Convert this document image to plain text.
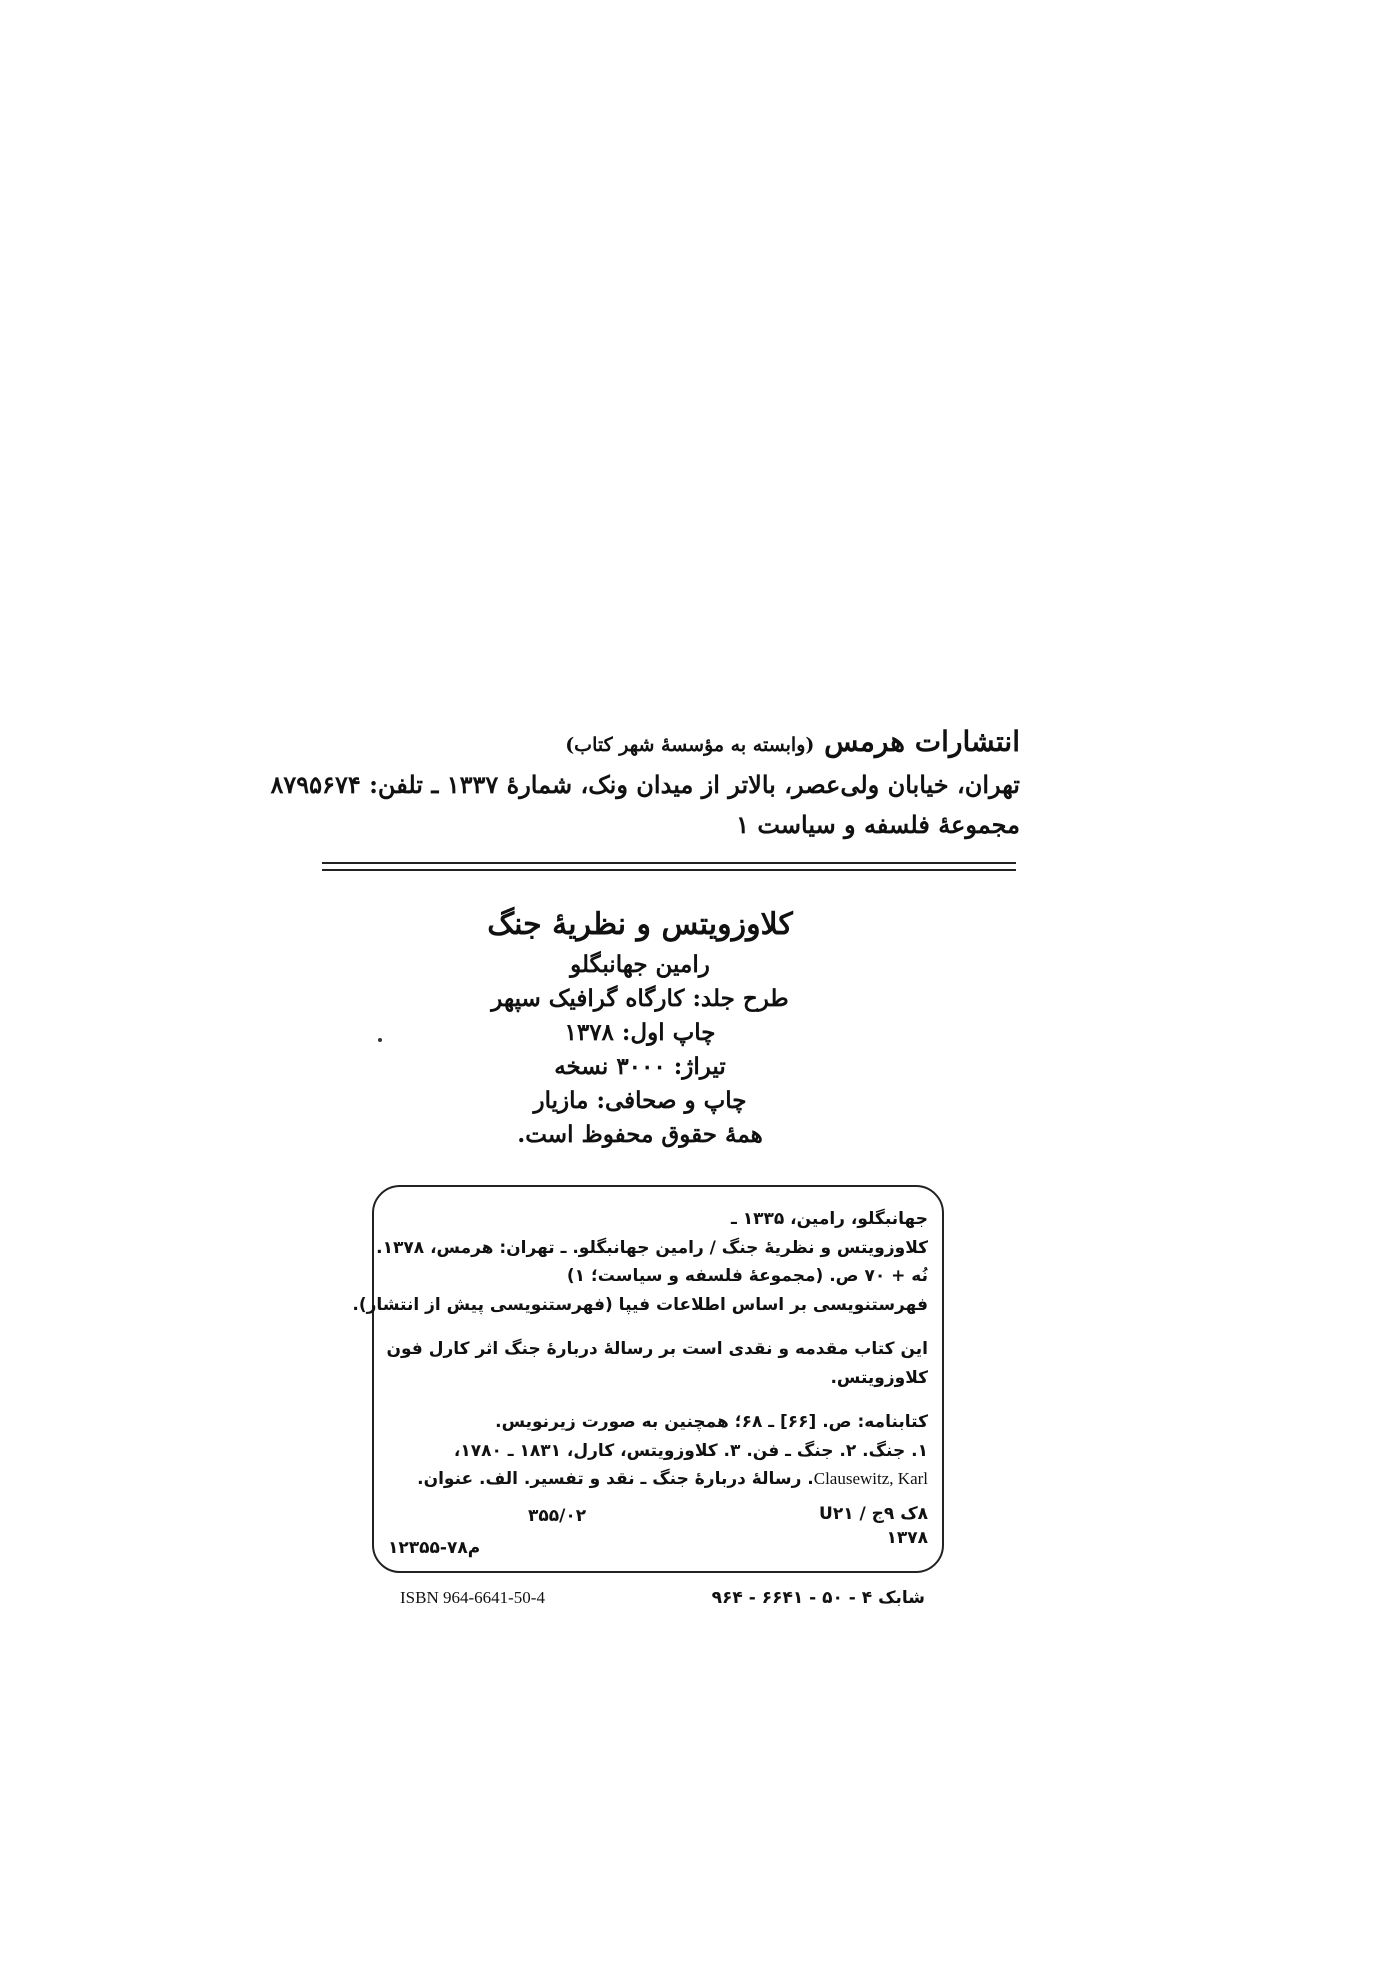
انتشارات هرمس (وابسته به مؤسسهٔ شهر کتاب)
تهران، خیابان ولی‌عصر، بالاتر از میدان ونک، شمارهٔ ۱۳۳۷ ـ تلفن: ۸۷۹۵۶۷۴
مجموعهٔ فلسفه و سیاست ۱
کلاوزویتس و نظریهٔ جنگ
رامین جهانبگلو
طرح جلد: کارگاه گرافیک سپهر
چاپ اول: ۱۳۷۸
تیراژ: ۳۰۰۰ نسخه
چاپ و صحافی: مازیار
همهٔ حقوق محفوظ است.
جهانبگلو، رامین، ۱۳۳۵ ـ
کلاوزویتس و نظریهٔ جنگ / رامین جهانبگلو. ـ تهران: هرمس، ۱۳۷۸.
نُه + ۷۰ ص. (مجموعهٔ فلسفه و سیاست؛ ۱)
فهرستنویسی بر اساس اطلاعات فیپا (فهرستنویسی پیش از انتشار).
این کتاب مقدمه و نقدی است بر رسالهٔ دربارهٔ جنگ اثر کارل فون
کلاوزویتس.
کتابنامه: ص. [۶۶] ـ ۶۸؛ همچنین به صورت زیرنویس.
۱. جنگ. ۲. جنگ ـ فن. ۳. کلاوزویتس، کارل، ۱۸۳۱ ـ ۱۷۸۰،
Clausewitz, Karl. رسالهٔ دربارهٔ جنگ ـ نقد و تفسیر. الف. عنوان.
۸ک ۹ج / U۲۱
۱۳۷۸
۳۵۵/۰۲
م۷۸-۱۲۳۵۵
ISBN 964-6641-50-4	شابک ۴ - ۵۰ - ۶۶۴۱ - ۹۶۴
